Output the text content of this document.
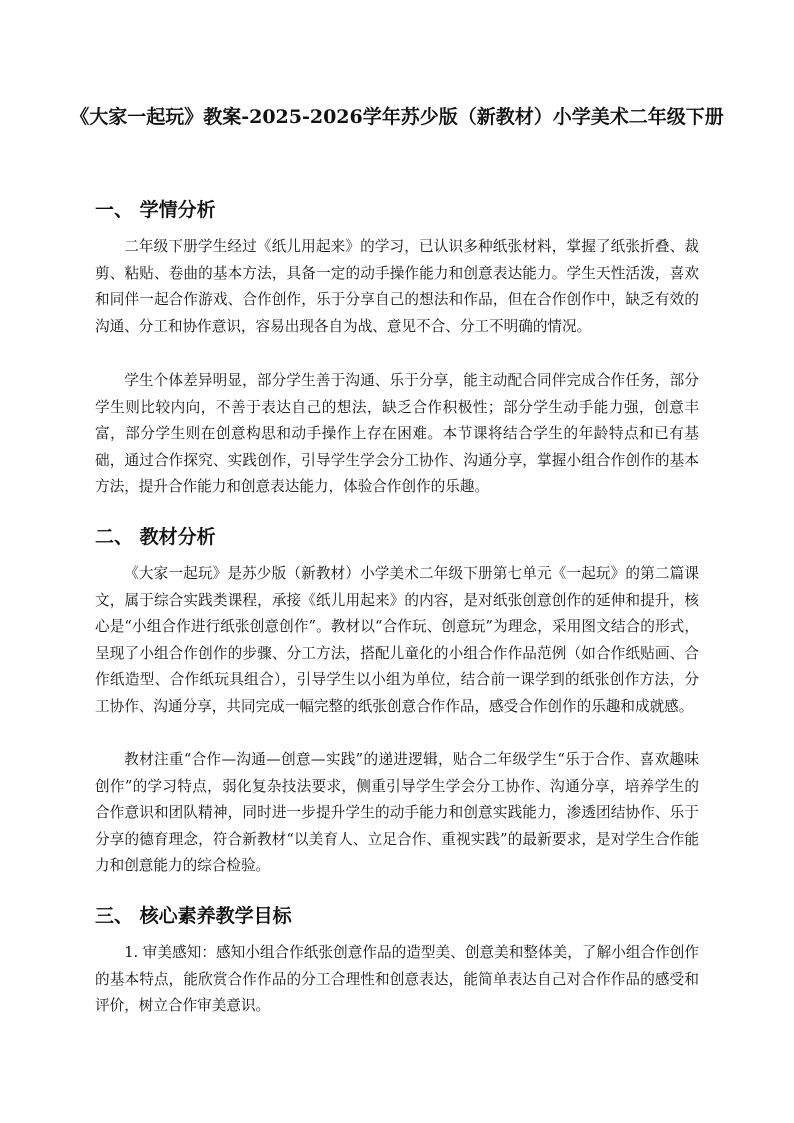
《大家一起玩》教案-2025-2026学年苏少版（新教材）小学美术二年级下册
一、 学情分析

二年级下册学生经过《纸儿用起来》的学习，已认识多种纸张材料，掌握了纸张折叠、裁剪、粘贴、卷曲的基本方法，具备一定的动手操作能力和创意表达能力。学生天性活泼，喜欢和同伴一起合作游戏、合作创作，乐于分享自己的想法和作品，但在合作创作中，缺乏有效的沟通、分工和协作意识，容易出现各自为战、意见不合、分工不明确的情况。

学生个体差异明显，部分学生善于沟通、乐于分享，能主动配合同伴完成合作任务，部分学生则比较内向，不善于表达自己的想法，缺乏合作积极性；部分学生动手能力强，创意丰富，部分学生则在创意构思和动手操作上存在困难。本节课将结合学生的年龄特点和已有基础，通过合作探究、实践创作，引导学生学会分工协作、沟通分享，掌握小组合作创作的基本方法，提升合作能力和创意表达能力，体验合作创作的乐趣。

二、 教材分析

《大家一起玩》是苏少版（新教材）小学美术二年级下册第七单元《一起玩》的第二篇课文，属于综合实践类课程，承接《纸儿用起来》的内容，是对纸张创意创作的延伸和提升，核心是“小组合作进行纸张创意创作”。教材以“合作玩、创意玩”为理念，采用图文结合的形式，呈现了小组合作创作的步骤、分工方法，搭配儿童化的小组合作作品范例（如合作纸贴画、合作纸造型、合作纸玩具组合），引导学生以小组为单位，结合前一课学到的纸张创作方法，分工协作、沟通分享，共同完成一幅完整的纸张创意合作作品，感受合作创作的乐趣和成就感。

教材注重“合作—沟通—创意—实践”的递进逻辑，贴合二年级学生“乐于合作、喜欢趣味创作”的学习特点，弱化复杂技法要求，侧重引导学生学会分工协作、沟通分享，培养学生的合作意识和团队精神，同时进一步提升学生的动手能力和创意实践能力，渗透团结协作、乐于分享的德育理念，符合新教材“以美育人、立足合作、重视实践”的最新要求，是对学生合作能力和创意能力的综合检验。

三、 核心素养教学目标

1. 审美感知：感知小组合作纸张创意作品的造型美、创意美和整体美，了解小组合作创作的基本特点，能欣赏合作作品的分工合理性和创意表达，能简单表达自己对合作作品的感受和评价，树立合作审美意识。
